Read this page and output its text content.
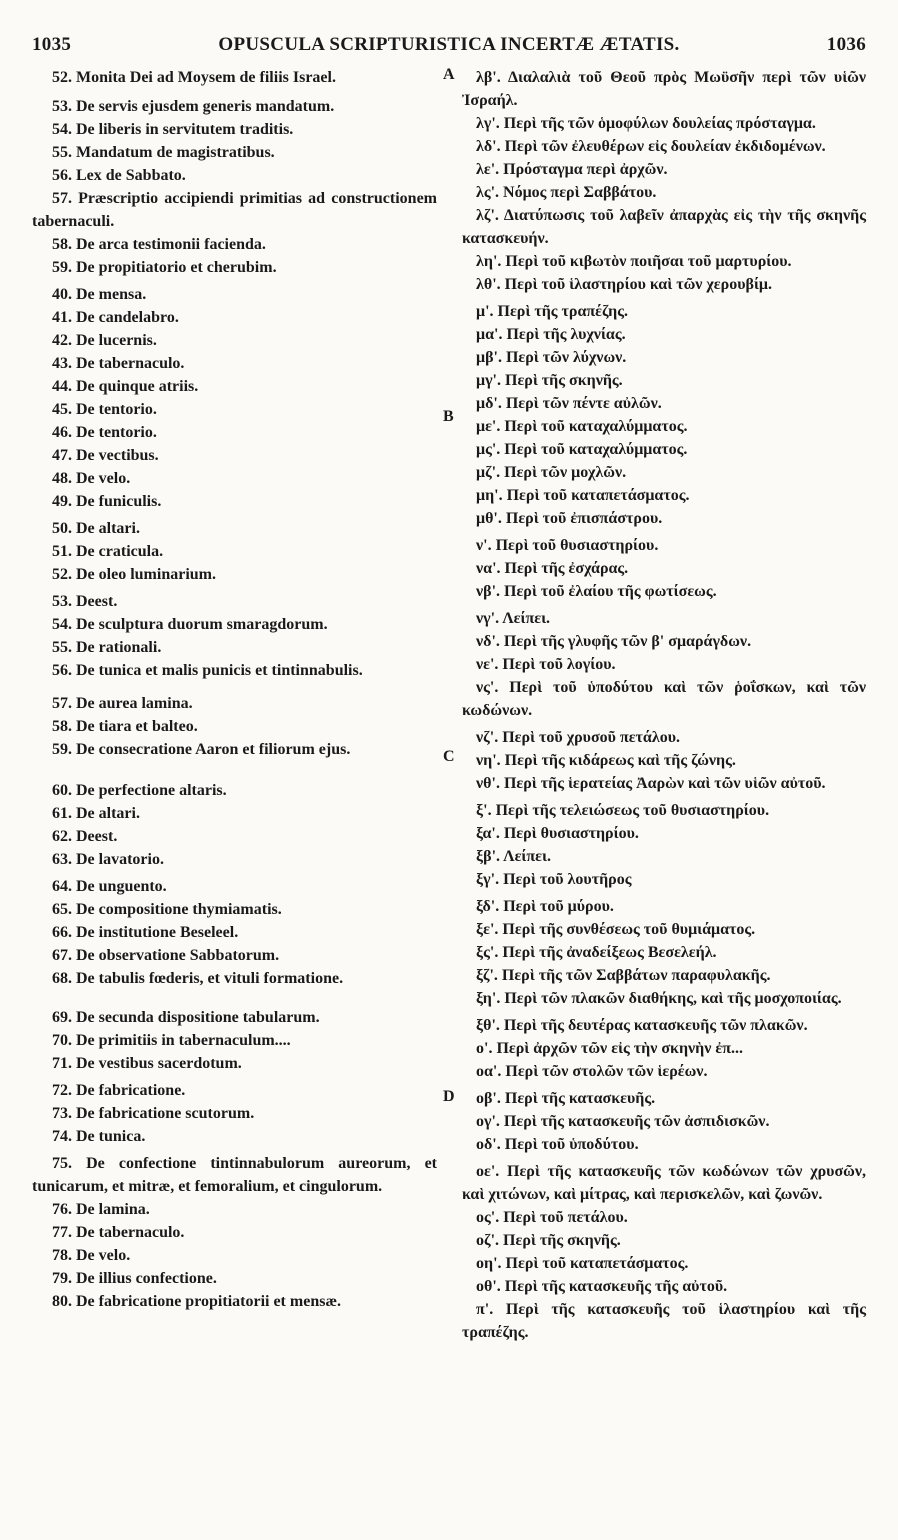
1035	OPUSCULA SCRIPTURISTICA INCERTÆ ÆTATIS.	1036
A
B
C
D
52. Monita Dei ad Moysem de filiis Israel.
53. De servis ejusdem generis mandatum.
54. De liberis in servitutem traditis.
55. Mandatum de magistratibus.
56. Lex de Sabbato.
57. Præscriptio accipiendi primitias ad constructionem tabernaculi.
58. De arca testimonii facienda.
59. De propitiatorio et cherubim.
40. De mensa.
41. De candelabro.
42. De lucernis.
43. De tabernaculo.
44. De quinque atriis.
45. De tentorio.
46. De tentorio.
47. De vectibus.
48. De velo.
49. De funiculis.
50. De altari.
51. De craticula.
52. De oleo luminarium.
53. Deest.
54. De sculptura duorum smaragdorum.
55. De rationali.
56. De tunica et malis punicis et tintinnabulis.
57. De aurea lamina.
58. De tiara et balteo.
59. De consecratione Aaron et filiorum ejus.
60. De perfectione altaris.
61. De altari.
62. Deest.
63. De lavatorio.
64. De unguento.
65. De compositione thymiamatis.
66. De institutione Beseleel.
67. De observatione Sabbatorum.
68. De tabulis fœderis, et vituli formatione.
69. De secunda dispositione tabularum.
70. De primitiis in tabernaculum....
71. De vestibus sacerdotum.
72. De fabricatione.
73. De fabricatione scutorum.
74. De tunica.
75. De confectione tintinnabulorum aureorum, et tunicarum, et mitræ, et femoralium, et cingulorum.
76. De lamina.
77. De tabernaculo.
78. De velo.
79. De illius confectione.
80. De fabricatione propitiatorii et mensæ.
λβ'. Διαλαλιὰ τοῦ Θεοῦ πρὸς Μωϋσῆν περὶ τῶν υἱῶν Ἰσραήλ.
λγ'. Περὶ τῆς τῶν ὁμοφύλων δουλείας πρόσταγμα.
λδ'. Περὶ τῶν ἐλευθέρων εἰς δουλείαν ἐκδιδομένων.
λε'. Πρόσταγμα περὶ ἀρχῶν.
λς'. Νόμος περὶ Σαββάτου.
λζ'. Διατύπωσις τοῦ λαβεῖν ἀπαρχὰς εἰς τὴν τῆς σκηνῆς κατασκευήν.
λη'. Περὶ τοῦ κιβωτὸν ποιῆσαι τοῦ μαρτυρίου.
λθ'. Περὶ τοῦ ἱλαστηρίου καὶ τῶν χερουβίμ.
μ'. Περὶ τῆς τραπέζης.
μα'. Περὶ τῆς λυχνίας.
μβ'. Περὶ τῶν λύχνων.
μγ'. Περὶ τῆς σκηνῆς.
μδ'. Περὶ τῶν πέντε αὐλῶν.
με'. Περὶ τοῦ καταχαλύμματος.
μς'. Περὶ τοῦ καταχαλύμματος.
μζ'. Περὶ τῶν μοχλῶν.
μη'. Περὶ τοῦ καταπετάσματος.
μθ'. Περὶ τοῦ ἐπισπάστρου.
ν'. Περὶ τοῦ θυσιαστηρίου.
να'. Περὶ τῆς ἐσχάρας.
νβ'. Περὶ τοῦ ἐλαίου τῆς φωτίσεως.
νγ'. Λείπει.
νδ'. Περὶ τῆς γλυφῆς τῶν β' σμαράγδων.
νε'. Περὶ τοῦ λογίου.
νς'. Περὶ τοῦ ὑποδύτου καὶ τῶν ῥοΐσκων, καὶ τῶν κωδώνων.
νζ'. Περὶ τοῦ χρυσοῦ πετάλου.
νη'. Περὶ τῆς κιδάρεως καὶ τῆς ζώνης.
νθ'. Περὶ τῆς ἱερατείας Ἀαρὼν καὶ τῶν υἱῶν αὐτοῦ.
ξ'. Περὶ τῆς τελειώσεως τοῦ θυσιαστηρίου.
ξα'. Περὶ θυσιαστηρίου.
ξβ'. Λείπει.
ξγ'. Περὶ τοῦ λουτῆρος
ξδ'. Περὶ τοῦ μύρου.
ξε'. Περὶ τῆς συνθέσεως τοῦ θυμιάματος.
ξς'. Περὶ τῆς ἀναδείξεως Βεσελεήλ.
ξζ'. Περὶ τῆς τῶν Σαββάτων παραφυλακῆς.
ξη'. Περὶ τῶν πλακῶν διαθήκης, καὶ τῆς μοσχοποιίας.
ξθ'. Περὶ τῆς δευτέρας κατασκευῆς τῶν πλακῶν.
ο'. Περὶ ἀρχῶν τῶν εἰς τὴν σκηνὴν ἐπ...
οα'. Περὶ τῶν στολῶν τῶν ἱερέων.
οβ'. Περὶ τῆς κατασκευῆς.
ογ'. Περὶ τῆς κατασκευῆς τῶν ἀσπιδισκῶν.
οδ'. Περὶ τοῦ ὑποδύτου.
οε'. Περὶ τῆς κατασκευῆς τῶν κωδώνων τῶν χρυσῶν, καὶ χιτώνων, καὶ μίτρας, καὶ περισκελῶν, καὶ ζωνῶν.
ος'. Περὶ τοῦ πετάλου.
οζ'. Περὶ τῆς σκηνῆς.
οη'. Περὶ τοῦ καταπετάσματος.
οθ'. Περὶ τῆς κατασκευῆς τῆς αὐτοῦ.
π'. Περὶ τῆς κατασκευῆς τοῦ ἱλαστηρίου καὶ τῆς τραπέζης.
